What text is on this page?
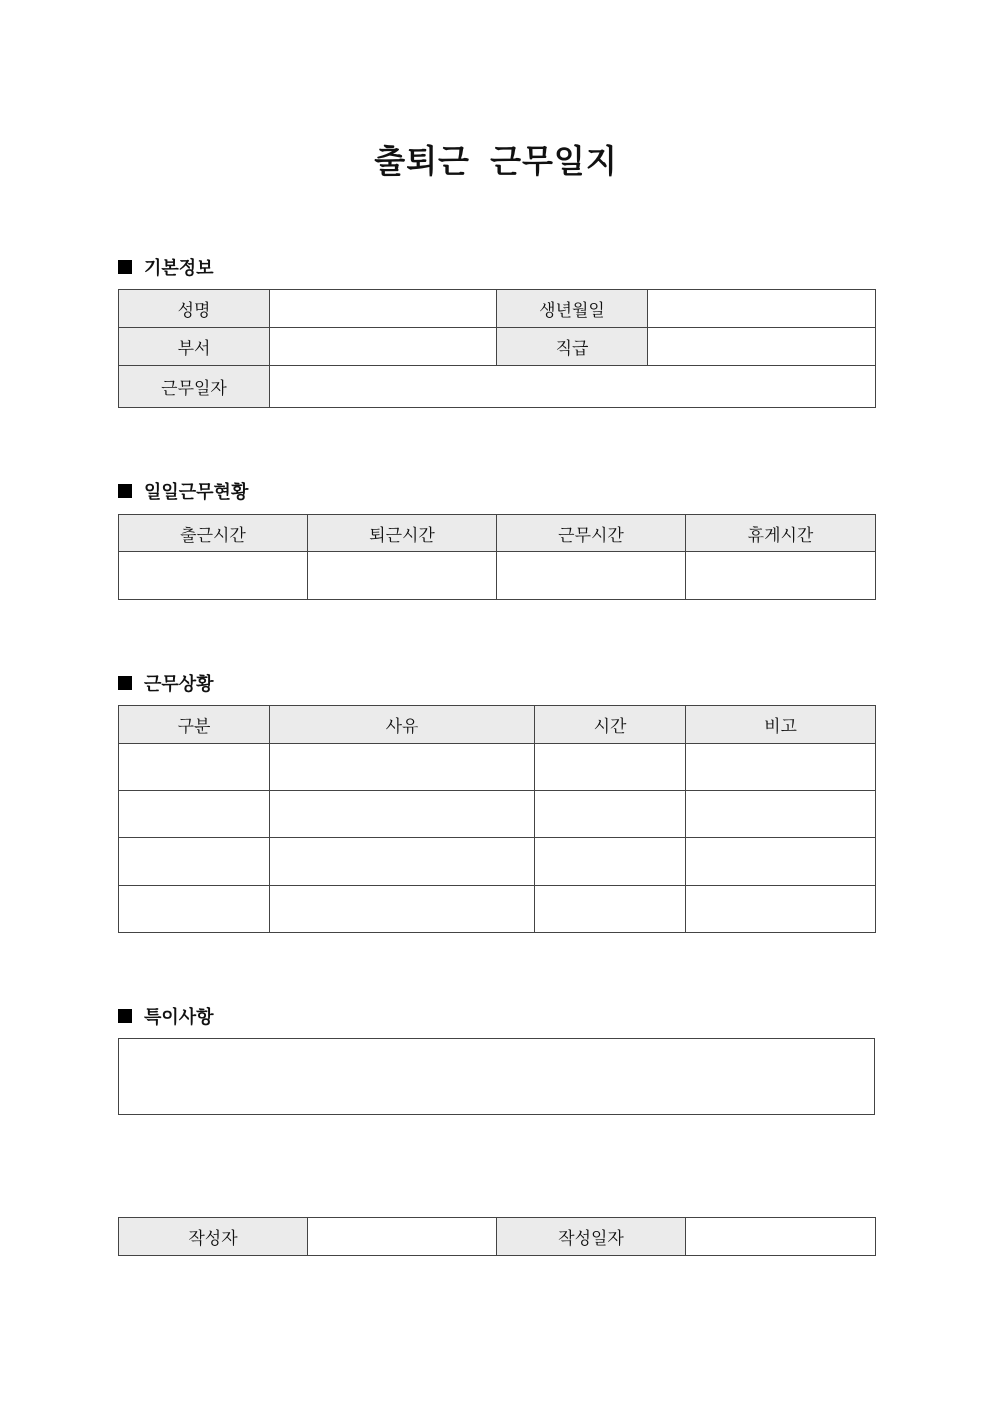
출퇴근 근무일지
기본정보
성명		생년월일	
부서		직급	
근무일자			
일일근무현황
출근시간	퇴근시간	근무시간	휴게시간

근무상황
구분	사유	시간	비고

특이사항
작성자		작성일자	
